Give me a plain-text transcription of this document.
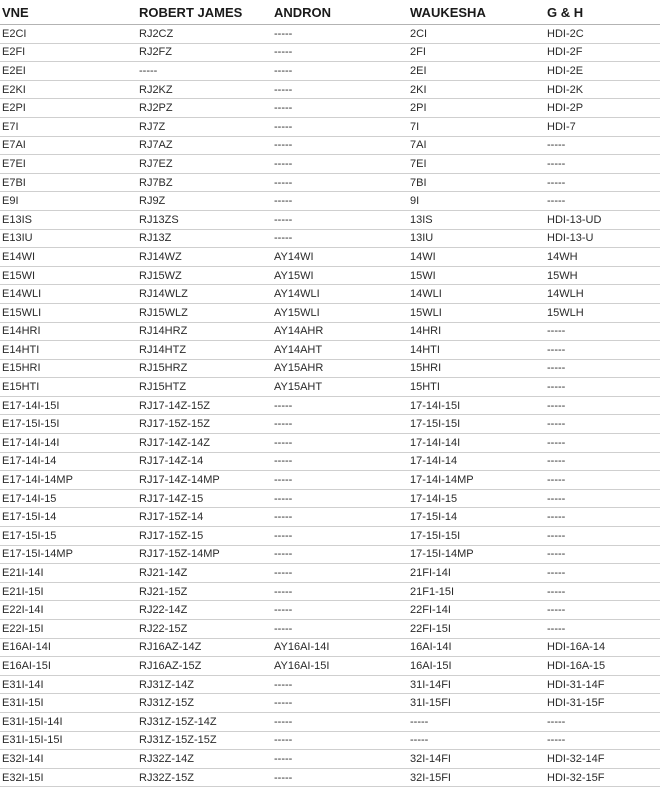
VNE	ROBERT JAMES	ANDRON	WAUKESHA	G & H
E2CI	RJ2CZ	-----	2CI	HDI-2C
E2FI	RJ2FZ	-----	2FI	HDI-2F
E2EI	-----	-----	2EI	HDI-2E
E2KI	RJ2KZ	-----	2KI	HDI-2K
E2PI	RJ2PZ	-----	2PI	HDI-2P
E7I	RJ7Z	-----	7I	HDI-7
E7AI	RJ7AZ	-----	7AI	-----
E7EI	RJ7EZ	-----	7EI	-----
E7BI	RJ7BZ	-----	7BI	-----
E9I	RJ9Z	-----	9I	-----
E13IS	RJ13ZS	-----	13IS	HDI-13-UD
E13IU	RJ13Z	-----	13IU	HDI-13-U
E14WI	RJ14WZ	AY14WI	14WI	14WH
E15WI	RJ15WZ	AY15WI	15WI	15WH
E14WLI	RJ14WLZ	AY14WLI	14WLI	14WLH
E15WLI	RJ15WLZ	AY15WLI	15WLI	15WLH
E14HRI	RJ14HRZ	AY14AHR	14HRI	-----
E14HTI	RJ14HTZ	AY14AHT	14HTI	-----
E15HRI	RJ15HRZ	AY15AHR	15HRI	-----
E15HTI	RJ15HTZ	AY15AHT	15HTI	-----
E17-14I-15I	RJ17-14Z-15Z	-----	17-14I-15I	-----
E17-15I-15I	RJ17-15Z-15Z	-----	17-15I-15I	-----
E17-14I-14I	RJ17-14Z-14Z	-----	17-14I-14I	-----
E17-14I-14	RJ17-14Z-14	-----	17-14I-14	-----
E17-14I-14MP	RJ17-14Z-14MP	-----	17-14I-14MP	-----
E17-14I-15	RJ17-14Z-15	-----	17-14I-15	-----
E17-15I-14	RJ17-15Z-14	-----	17-15I-14	-----
E17-15I-15	RJ17-15Z-15	-----	17-15I-15I	-----
E17-15I-14MP	RJ17-15Z-14MP	-----	17-15I-14MP	-----
E21I-14I	RJ21-14Z	-----	21FI-14I	-----
E21I-15I	RJ21-15Z	-----	21F1-15I	-----
E22I-14I	RJ22-14Z	-----	22FI-14I	-----
E22I-15I	RJ22-15Z	-----	22FI-15I	-----
E16AI-14I	RJ16AZ-14Z	AY16AI-14I	16AI-14I	HDI-16A-14
E16AI-15I	RJ16AZ-15Z	AY16AI-15I	16AI-15I	HDI-16A-15
E31I-14I	RJ31Z-14Z	-----	31I-14FI	HDI-31-14F
E31I-15I	RJ31Z-15Z	-----	31I-15FI	HDI-31-15F
E31I-15I-14I	RJ31Z-15Z-14Z	-----	-----	-----
E31I-15I-15I	RJ31Z-15Z-15Z	-----	-----	-----
E32I-14I	RJ32Z-14Z	-----	32I-14FI	HDI-32-14F
E32I-15I	RJ32Z-15Z	-----	32I-15FI	HDI-32-15F
